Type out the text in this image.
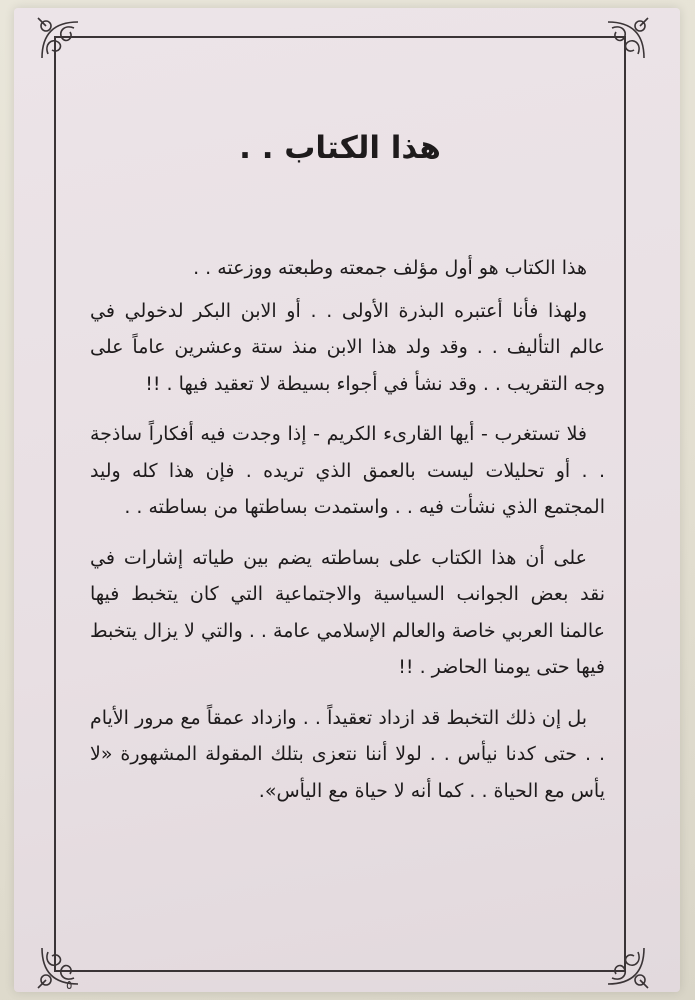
هذا الكتاب . .

هذا الكتاب هو أول مؤلف جمعته وطبعته ووزعته . .

ولهذا فأنا أعتبره البذرة الأولى . . أو الابن البكر لدخولي في عالم التأليف . . وقد ولد هذا الابن منذ ستة وعشرين عاماً على وجه التقريب . . وقد نشأ في أجواء بسيطة لا تعقيد فيها . !!

فلا تستغرب - أيها القارىء الكريم - إذا وجدت فيه أفكاراً ساذجة . . أو تحليلات ليست بالعمق الذي تريده . فإن هذا كله وليد المجتمع الذي نشأت فيه . . واستمدت بساطتها من بساطته . .

على أن هذا الكتاب على بساطته يضم بين طياته إشارات في نقد بعض الجوانب السياسية والاجتماعية التي كان يتخبط فيها عالمنا العربي خاصة والعالم الإسلامي عامة . . والتي لا يزال يتخبط فيها حتى يومنا الحاضر . !!

بل إن ذلك التخبط قد ازداد تعقيداً . . وازداد عمقاً مع مرور الأيام . . حتى كدنا نيأس . . لولا أننا نتعزى بتلك المقولة المشهورة «لا يأس مع الحياة . . كما أنه لا حياة مع اليأس».

٥
